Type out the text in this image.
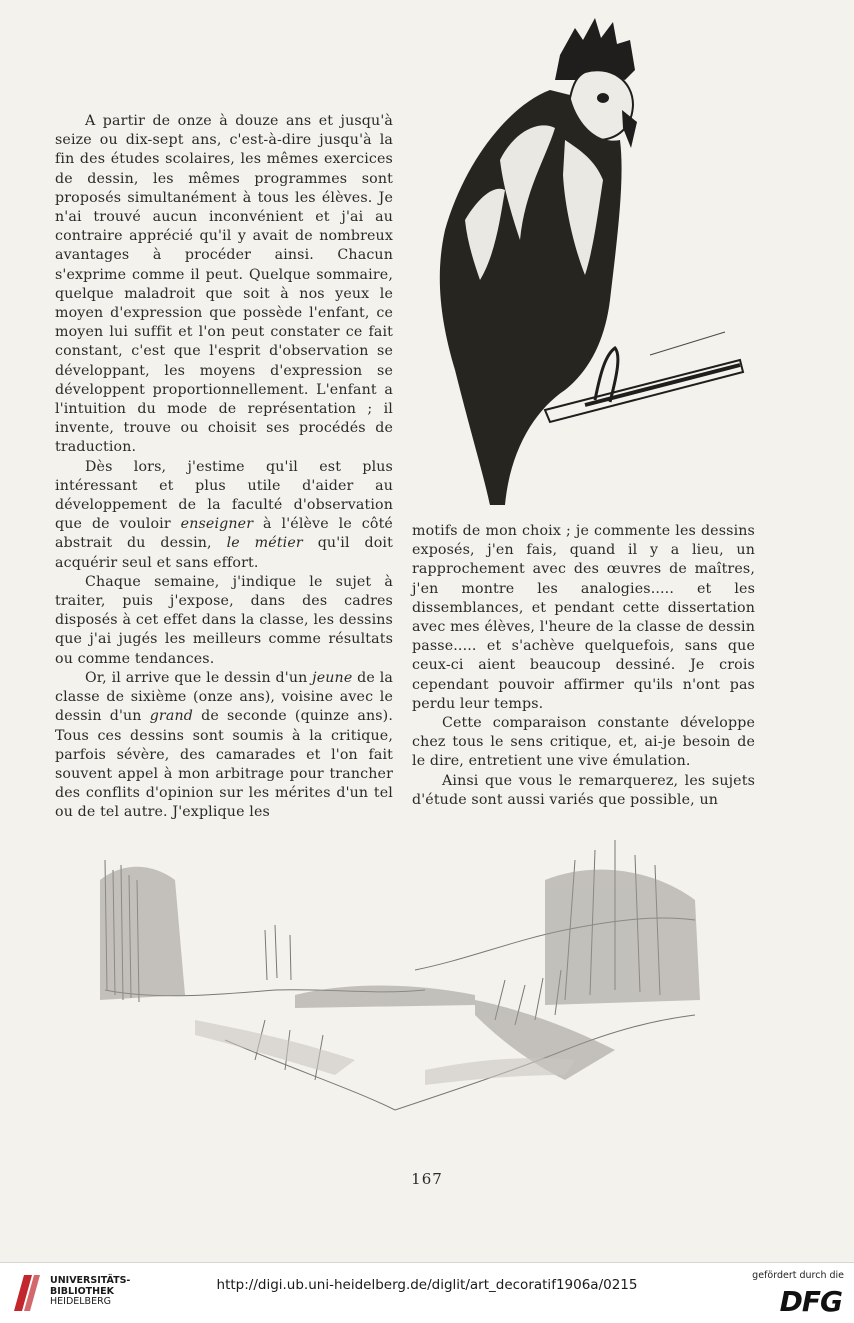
A partir de onze à douze ans et jusqu'à seize ou dix-sept ans, c'est-à-dire jusqu'à la fin des études scolaires, les mêmes exercices de dessin, les mêmes programmes sont proposés simultanément à tous les élèves. Je n'ai trouvé aucun inconvénient et j'ai au contraire apprécié qu'il y avait de nombreux avantages à procéder ainsi. Chacun s'exprime comme il peut. Quelque sommaire, quelque maladroit que soit à nos yeux le moyen d'expression que possède l'enfant, ce moyen lui suffit et l'on peut constater ce fait constant, c'est que l'esprit d'observation se développant, les moyens d'expression se développent proportionnellement. L'enfant a l'intuition du mode de représentation ; il invente, trouve ou choisit ses procédés de traduction.

Dès lors, j'estime qu'il est plus intéressant et plus utile d'aider au développement de la faculté d'observation que de vouloir enseigner à l'élève le côté abstrait du dessin, le métier qu'il doit acquérir seul et sans effort.

Chaque semaine, j'indique le sujet à traiter, puis j'expose, dans des cadres disposés à cet effet dans la classe, les dessins que j'ai jugés les meilleurs comme résultats ou comme tendances.

Or, il arrive que le dessin d'un jeune de la classe de sixième (onze ans), voisine avec le dessin d'un grand de seconde (quinze ans). Tous ces dessins sont soumis à la critique, parfois sévère, des camarades et l'on fait souvent appel à mon arbitrage pour trancher des conflits d'opinion sur les mérites d'un tel ou de tel autre. J'explique les

motifs de mon choix ; je commente les dessins exposés, j'en fais, quand il y a lieu, un rapprochement avec des œuvres de maîtres, j'en montre les analogies..... et les dissemblances, et pendant cette dissertation avec mes élèves, l'heure de la classe de dessin passe..... et s'achève quelquefois, sans que ceux-ci aient beaucoup dessiné. Je crois cependant pouvoir affirmer qu'ils n'ont pas perdu leur temps.

Cette comparaison constante développe chez tous le sens critique, et, ai-je besoin de le dire, entretient une vive émulation.

Ainsi que vous le remarquerez, les sujets d'étude sont aussi variés que possible, un

167
UNIVERSITÄTS-
BIBLIOTHEK
HEIDELBERG
http://digi.ub.uni-heidelberg.de/diglit/art_decoratif1906a/0215
gefördert durch die
DFG
